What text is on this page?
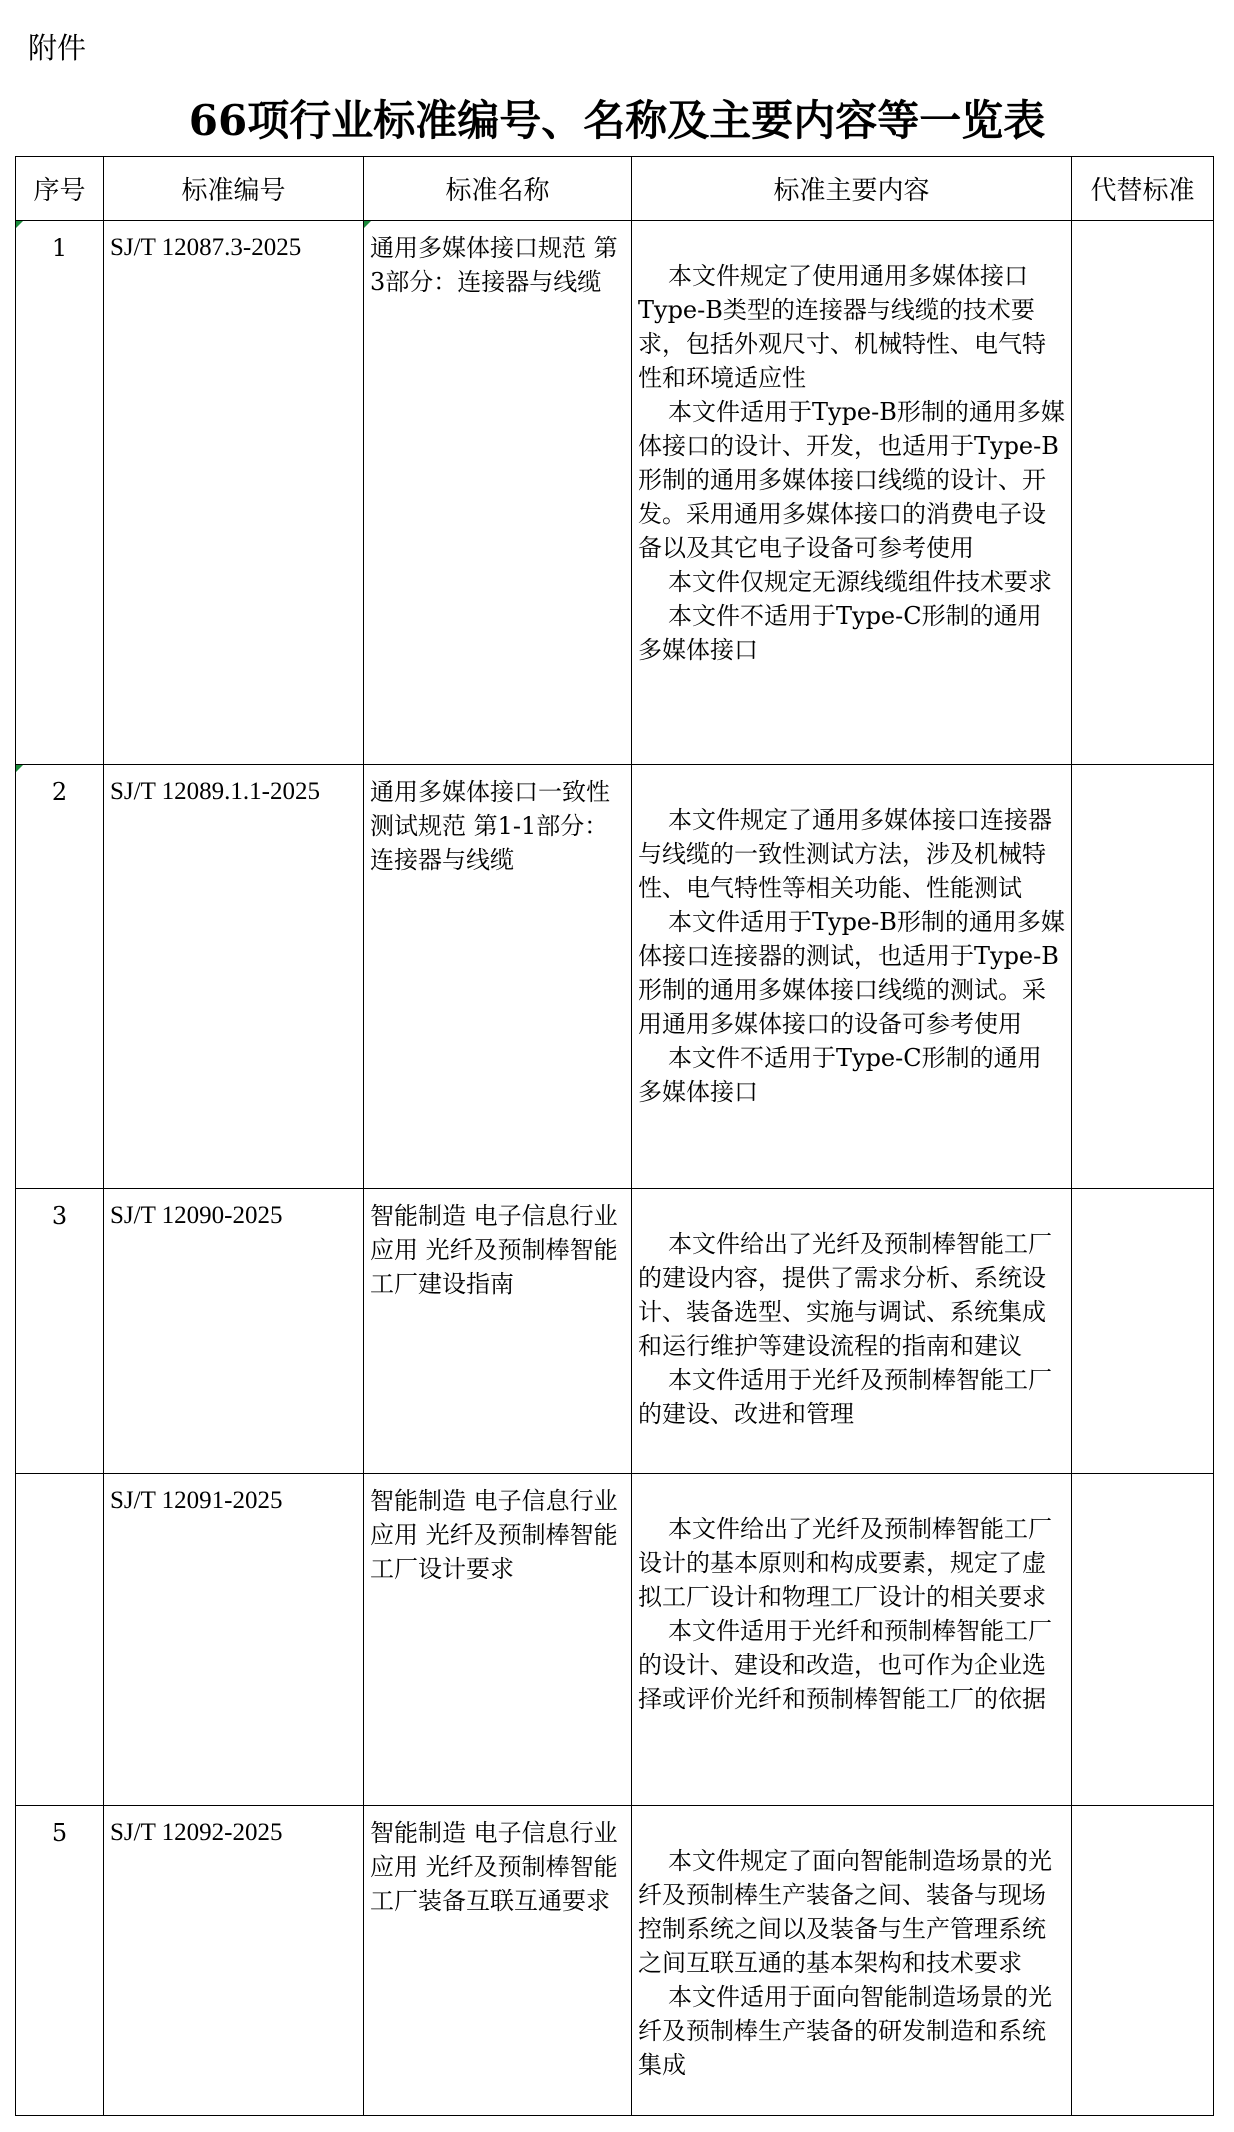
附件
66项行业标准编号、名称及主要内容等一览表
序号	标准编号	标准名称	标准主要内容	代替标准

1	SJ/T 12087.3-2025	通用多媒体接口规范 第3部分：连接器与线缆	本文件规定了使用通用多媒体接口Type-B类型的连接器与线缆的技术要求，包括外观尺寸、机械特性、电气特性和环境适应性
本文件适用于Type-B形制的通用多媒体接口的设计、开发，也适用于Type-B形制的通用多媒体接口线缆的设计、开发。采用通用多媒体接口的消费电子设备以及其它电子设备可参考使用
本文件仅规定无源线缆组件技术要求
本文件不适用于Type-C形制的通用多媒体接口	

2	SJ/T 12089.1.1-2025	通用多媒体接口一致性测试规范 第1-1部分：连接器与线缆	本文件规定了通用多媒体接口连接器与线缆的一致性测试方法，涉及机械特性、电气特性等相关功能、性能测试
本文件适用于Type-B形制的通用多媒体接口连接器的测试，也适用于Type-B形制的通用多媒体接口线缆的测试。采用通用多媒体接口的设备可参考使用
本文件不适用于Type-C形制的通用多媒体接口	

3	SJ/T 12090-2025	智能制造 电子信息行业应用 光纤及预制棒智能工厂建设指南	本文件给出了光纤及预制棒智能工厂的建设内容，提供了需求分析、系统设计、装备选型、实施与调试、系统集成和运行维护等建设流程的指南和建议
本文件适用于光纤及预制棒智能工厂的建设、改进和管理	

	SJ/T 12091-2025	智能制造 电子信息行业应用 光纤及预制棒智能工厂设计要求	本文件给出了光纤及预制棒智能工厂设计的基本原则和构成要素，规定了虚拟工厂设计和物理工厂设计的相关要求
本文件适用于光纤和预制棒智能工厂的设计、建设和改造，也可作为企业选择或评价光纤和预制棒智能工厂的依据	

5	SJ/T 12092-2025	智能制造 电子信息行业应用 光纤及预制棒智能工厂装备互联互通要求	本文件规定了面向智能制造场景的光纤及预制棒生产装备之间、装备与现场控制系统之间以及装备与生产管理系统之间互联互通的基本架构和技术要求
本文件适用于面向智能制造场景的光纤及预制棒生产装备的研发制造和系统集成	
